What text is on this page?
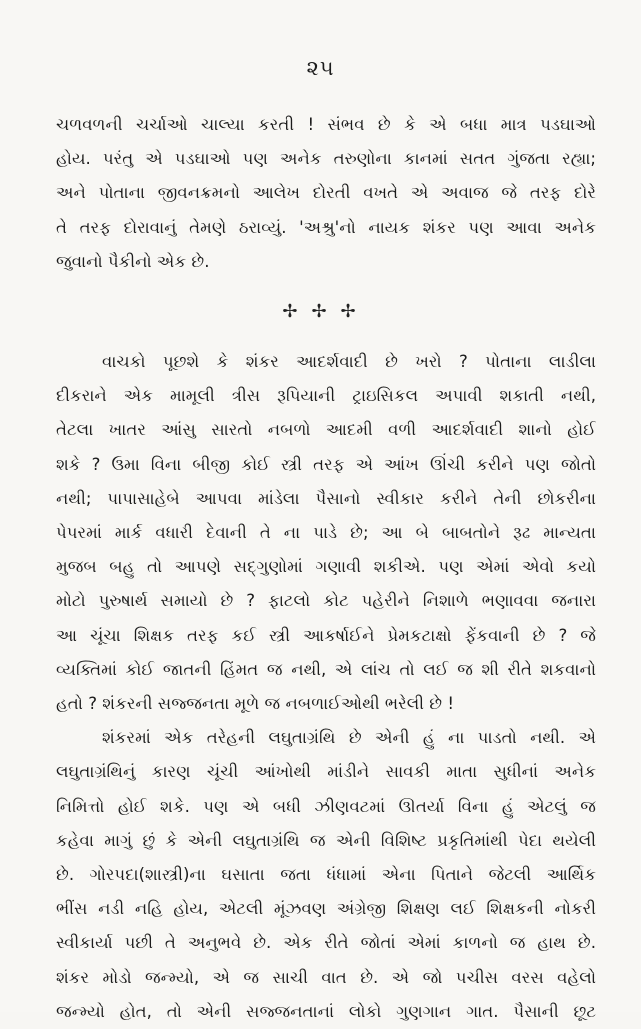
૨૫
ચળવળની ચર્ચાઓ ચાલ્યા કરતી ! સંભવ છે કે એ બધા માત્ર પડઘાઓ
હોય. પરંતુ એ પડઘાઓ પણ અનેક તરુણોના કાનમાં સતત ગુંજતા રહ્યા;
અને પોતાના જીવનક્રમનો આલેખ દોરતી વખતે એ અવાજ જે તરફ દોરે
તે તરફ દોરાવાનું તેમણે ઠરાવ્યું. 'અશ્રુ'નો નાયક શંકર પણ આવા અનેક
જુવાનો પૈકીનો એક છે.
✢✢✢
વાચકો પૂછશે કે શંકર આદર્શવાદી છે ખરો ? પોતાના લાડીલા
દીકરાને એક મામૂલી ત્રીસ રૂપિયાની ટ્રાઇસિકલ અપાવી શકાતી નથી,
તેટલા ખાતર આંસુ સારતો નબળો આદમી વળી આદર્શવાદી શાનો હોઈ
શકે ? ઉમા વિના બીજી કોઈ સ્ત્રી તરફ એ આંખ ઊંચી કરીને પણ જોતો
નથી; પાપાસાહેબે આપવા માંડેલા પૈસાનો સ્વીકાર કરીને તેની છોકરીના
પેપરમાં માર્ક વધારી દેવાની તે ના પાડે છે; આ બે બાબતોને રૂઢ માન્યતા
મુજબ બહુ તો આપણે સદ્ગુણોમાં ગણાવી શકીએ. પણ એમાં એવો કયો
મોટો પુરુષાર્થ સમાયો છે ? ફાટલો કોટ પહેરીને નિશાળે ભણાવવા જનારા
આ ચૂંચા શિક્ષક તરફ કઈ સ્ત્રી આકર્ષાઈને પ્રેમકટાક્ષો ફેંકવાની છે ? જે
વ્યક્તિમાં કોઈ જાતની હિંમત જ નથી, એ લાંચ તો લઈ જ શી રીતે શકવાનો
હતો ? શંકરની સજ્જનતા મૂળે જ નબળાઈઓથી ભરેલી છે !
શંકરમાં એક તરેહની લઘુતાગ્રંથિ છે એની હું ના પાડતો નથી. એ
લઘુતાગ્રંથિનું કારણ ચૂંચી આંખોથી માંડીને સાવકી માતા સુધીનાં અનેક
નિમિત્તો હોઈ શકે. પણ એ બધી ઝીણવટમાં ઊતર્યા વિના હું એટલું જ
કહેવા માગું છું કે એની લઘુતાગ્રંથિ જ એની વિશિષ્ટ પ્રકૃતિમાંથી પેદા થયેલી
છે. ગોરપદા(શાસ્ત્રી)ના ઘસાતા જતા ધંધામાં એના પિતાને જેટલી આર્થિક
ભીંસ નડી નહિ હોય, એટલી મૂંઝવણ અંગ્રેજી શિક્ષણ લઈ શિક્ષકની નોકરી
સ્વીકાર્યા પછી તે અનુભવે છે. એક રીતે જોતાં એમાં કાળનો જ હાથ છે.
શંકર મોડો જન્મ્યો, એ જ સાચી વાત છે. એ જો પચીસ વરસ વહેલો
જન્મ્યો હોત, તો એની સજ્જનતાનાં લોકો ગુણગાન ગાત. પૈસાની છૂટ
